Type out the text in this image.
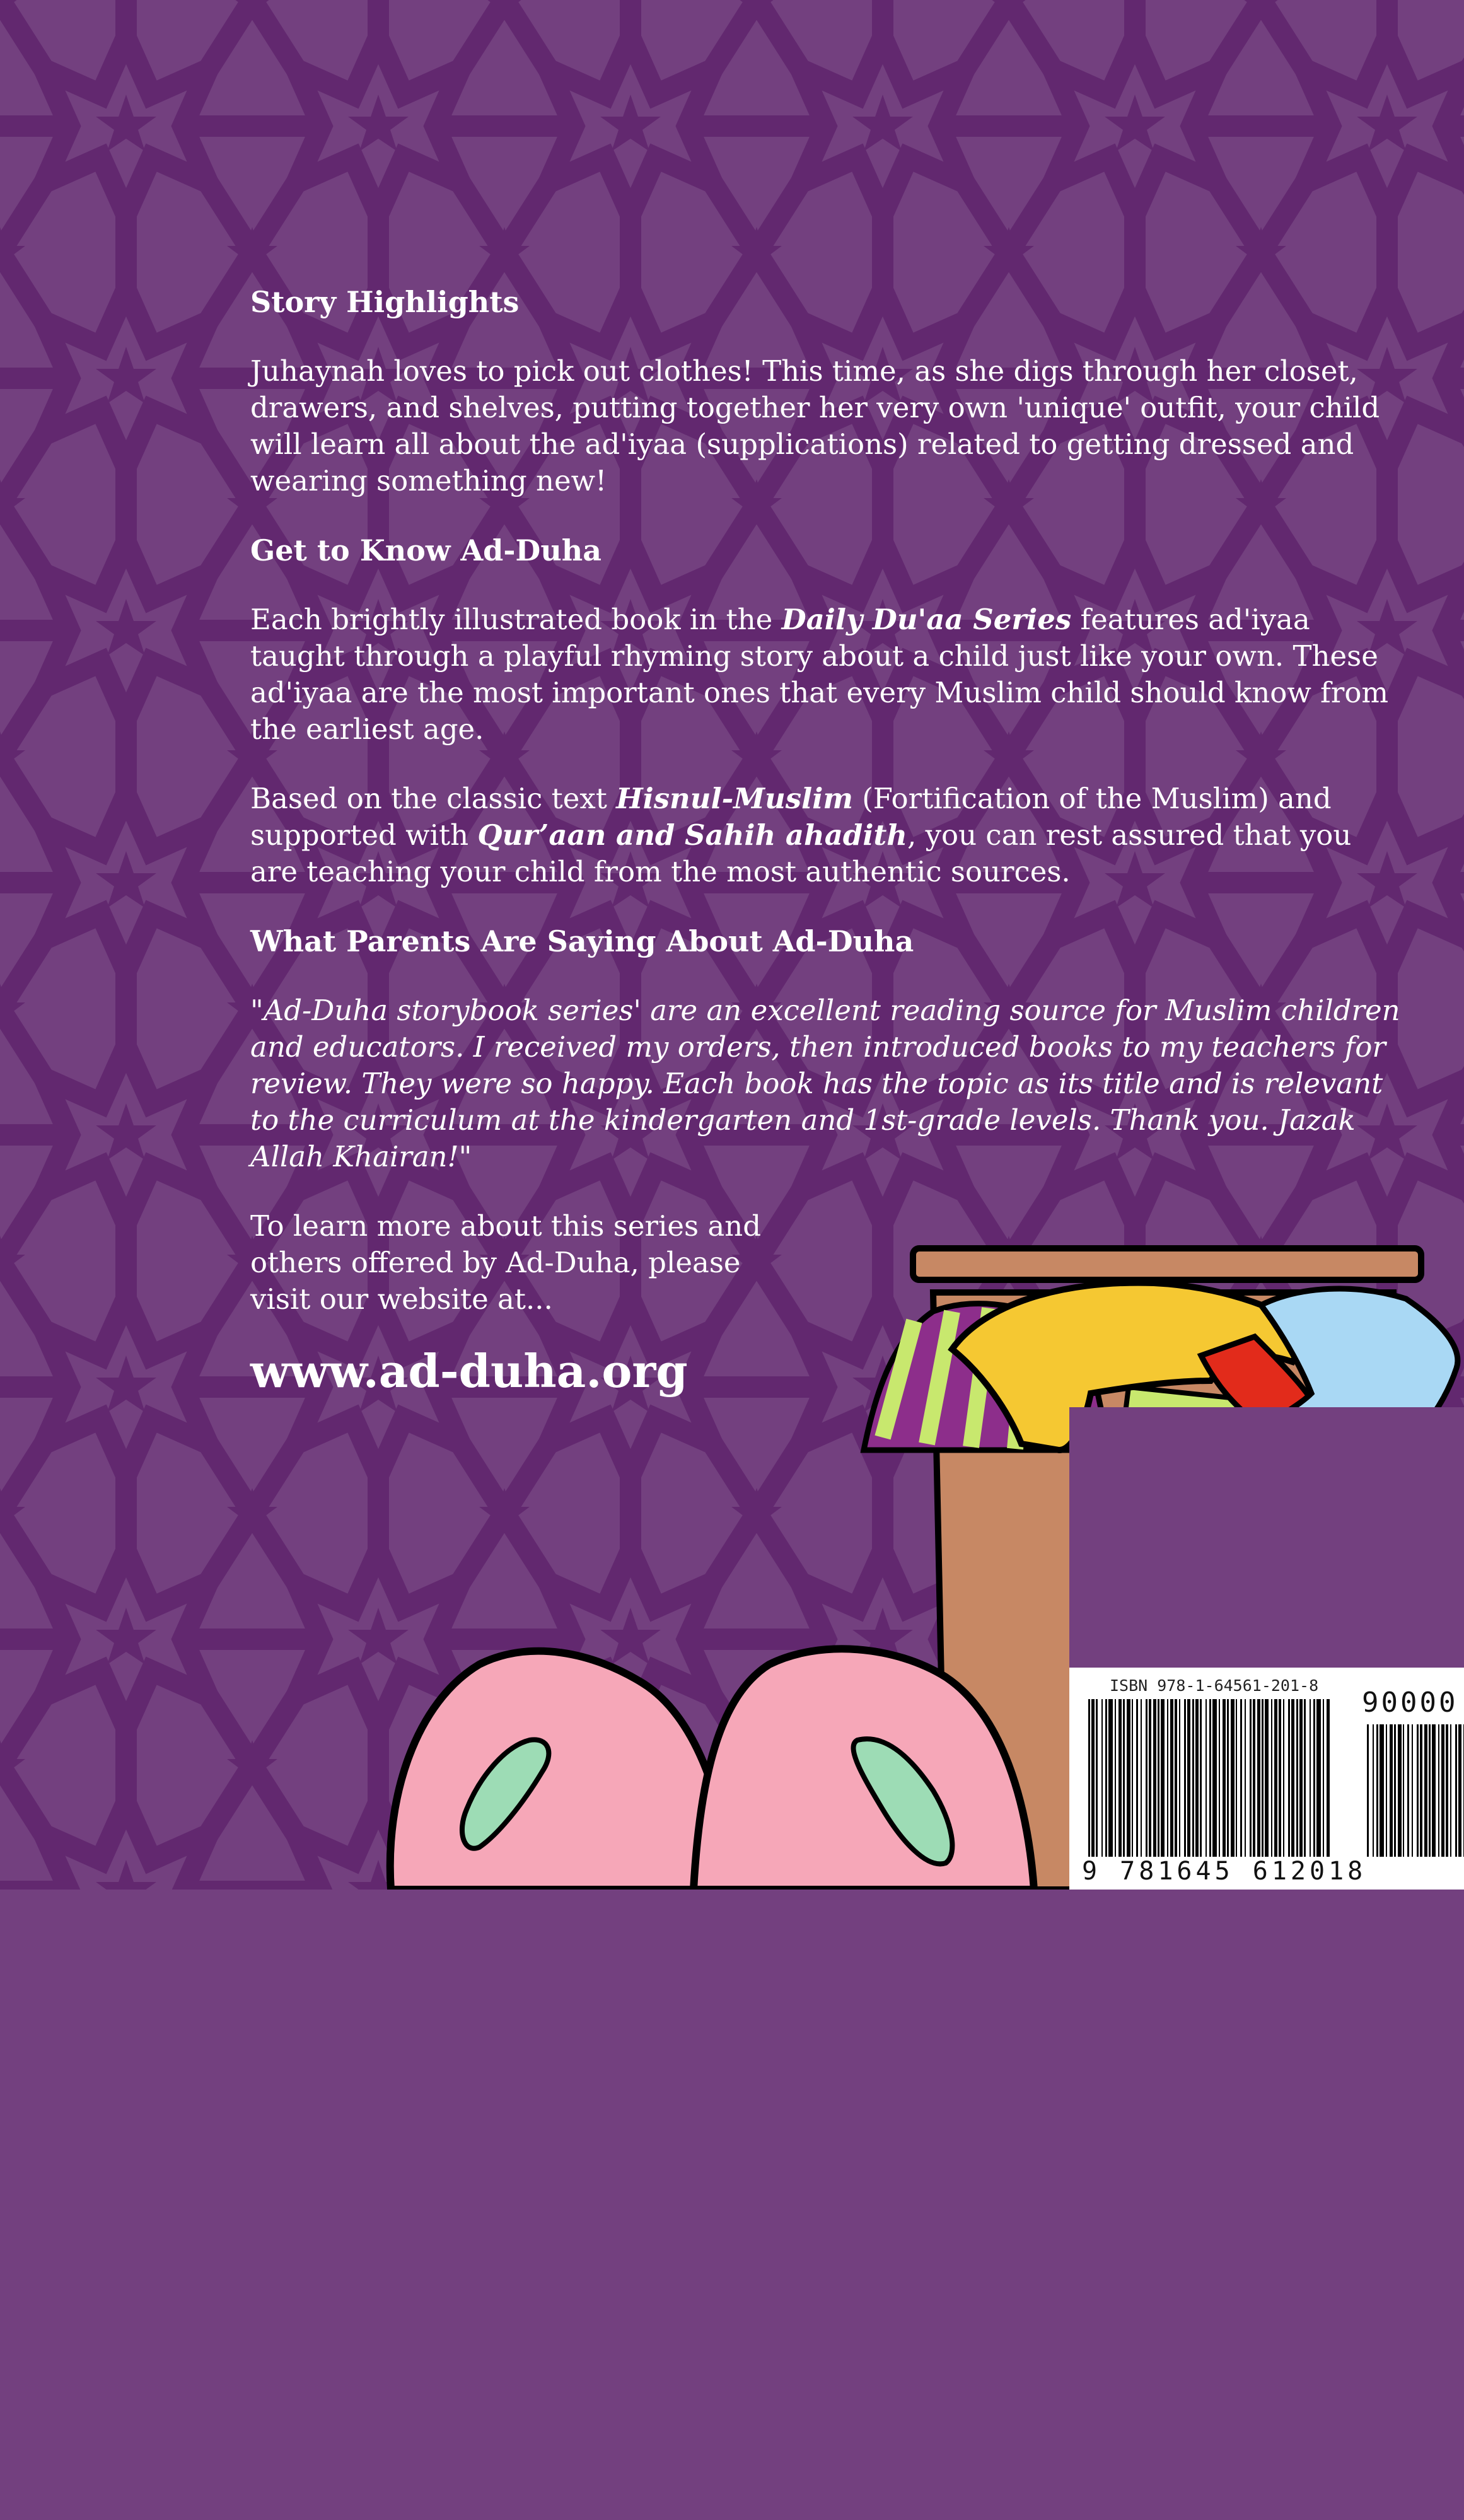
ISBN 978-1-64561-201-8
90000
9 781645 612018
Story Highlights
Juhaynah loves to pick out clothes! This time, as she digs through her closet, drawers, and shelves, putting together her very own 'unique' outfit, your child will learn all about the ad'iyaa (supplications) related to getting dressed and wearing something new!
Get to Know Ad-Duha
Each brightly illustrated book in the Daily Du'aa Series features ad'iyaa taught through a playful rhyming story about a child just like your own. These ad'iyaa are the most important ones that every Muslim child should know from the earliest age.
Based on the classic text Hisnul-Muslim (Fortification of the Muslim) and supported with Qur’aan and Sahih ahadith, you can rest assured that you are teaching your child from the most authentic sources.
What Parents Are Saying About Ad-Duha
"Ad-Duha storybook series' are an excellent reading source for Muslim children and educators. I received my orders, then introduced books to my teachers for review. They were so happy. Each book has the topic as its title and is relevant to the curriculum at the kindergarten and 1st-grade levels. Thank you. Jazak Allah Khairan!"
To learn more about this series and others offered by Ad-Duha, please visit our website at...
www.ad-duha.org
